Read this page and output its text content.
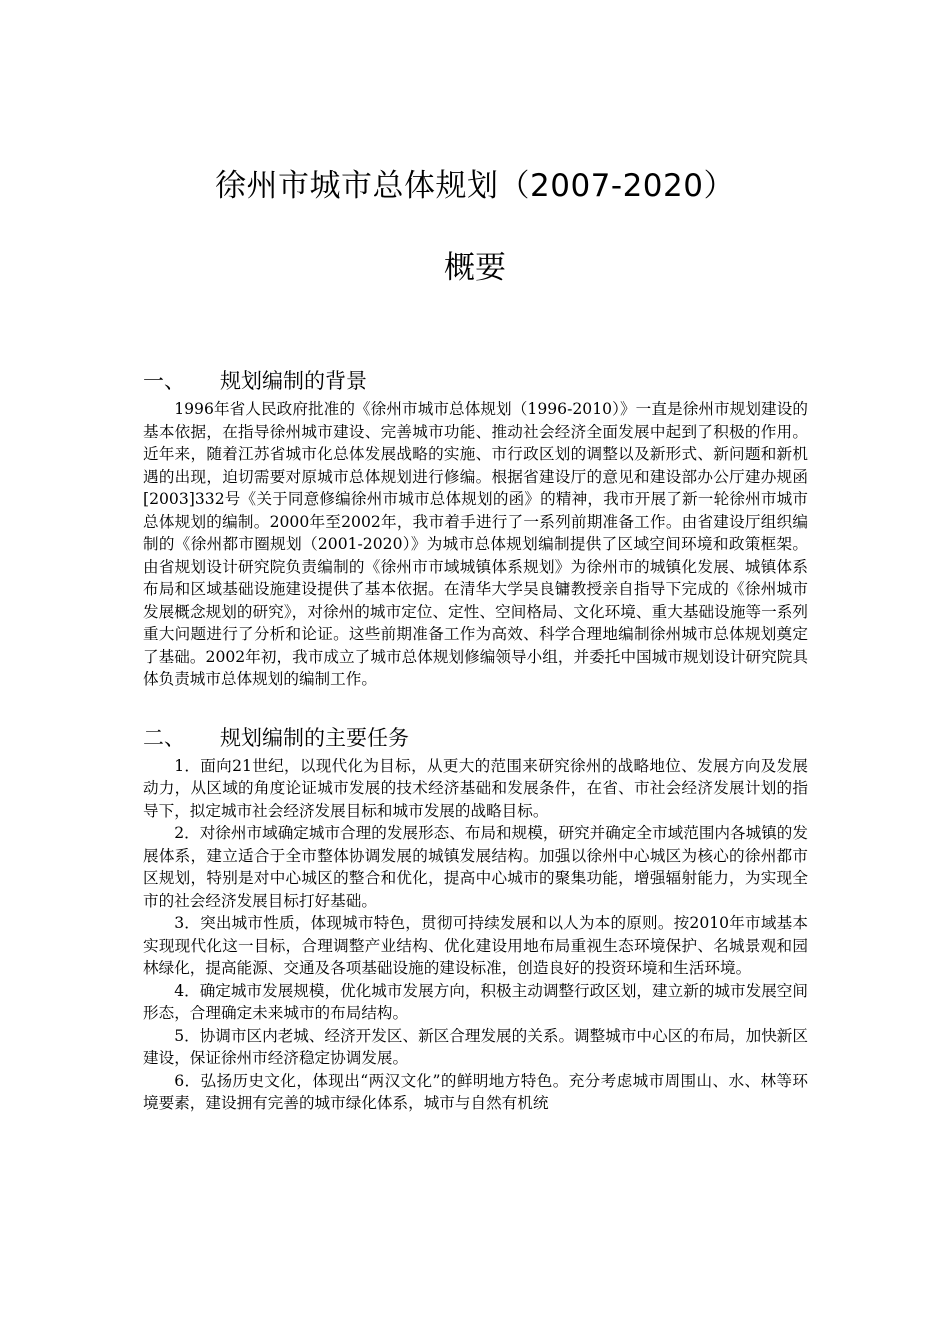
徐州市城市总体规划（2007-2020）
概要
一、 规划编制的背景

1996年省人民政府批准的《徐州市城市总体规划（1996-2010）》一直是徐州市规划建设的基本依据，在指导徐州城市建设、完善城市功能、推动社会经济全面发展中起到了积极的作用。近年来，随着江苏省城市化总体发展战略的实施、市行政区划的调整以及新形式、新问题和新机遇的出现，迫切需要对原城市总体规划进行修编。根据省建设厅的意见和建设部办公厅建办规函[2003]332号《关于同意修编徐州市城市总体规划的函》的精神，我市开展了新一轮徐州市城市总体规划的编制。2000年至2002年，我市着手进行了一系列前期准备工作。由省建设厅组织编制的《徐州都市圈规划（2001-2020）》为城市总体规划编制提供了区域空间环境和政策框架。由省规划设计研究院负责编制的《徐州市市域城镇体系规划》为徐州市的城镇化发展、城镇体系布局和区域基础设施建设提供了基本依据。在清华大学吴良镛教授亲自指导下完成的《徐州城市发展概念规划的研究》，对徐州的城市定位、定性、空间格局、文化环境、重大基础设施等一系列重大问题进行了分析和论证。这些前期准备工作为高效、科学合理地编制徐州城市总体规划奠定了基础。2002年初，我市成立了城市总体规划修编领导小组，并委托中国城市规划设计研究院具体负责城市总体规划的编制工作。

二、 规划编制的主要任务

1．面向21世纪，以现代化为目标，从更大的范围来研究徐州的战略地位、发展方向及发展动力，从区域的角度论证城市发展的技术经济基础和发展条件，在省、市社会经济发展计划的指导下，拟定城市社会经济发展目标和城市发展的战略目标。

2．对徐州市域确定城市合理的发展形态、布局和规模，研究并确定全市域范围内各城镇的发展体系，建立适合于全市整体协调发展的城镇发展结构。加强以徐州中心城区为核心的徐州都市区规划，特别是对中心城区的整合和优化，提高中心城市的聚集功能，增强辐射能力，为实现全市的社会经济发展目标打好基础。

3．突出城市性质，体现城市特色，贯彻可持续发展和以人为本的原则。按2010年市域基本实现现代化这一目标，合理调整产业结构、优化建设用地布局重视生态环境保护、名城景观和园林绿化，提高能源、交通及各项基础设施的建设标准，创造良好的投资环境和生活环境。

4．确定城市发展规模，优化城市发展方向，积极主动调整行政区划，建立新的城市发展空间形态，合理确定未来城市的布局结构。

5．协调市区内老城、经济开发区、新区合理发展的关系。调整城市中心区的布局，加快新区建设，保证徐州市经济稳定协调发展。

6．弘扬历史文化，体现出“两汉文化”的鲜明地方特色。充分考虑城市周围山、水、林等环境要素，建设拥有完善的城市绿化体系，城市与自然有机统
